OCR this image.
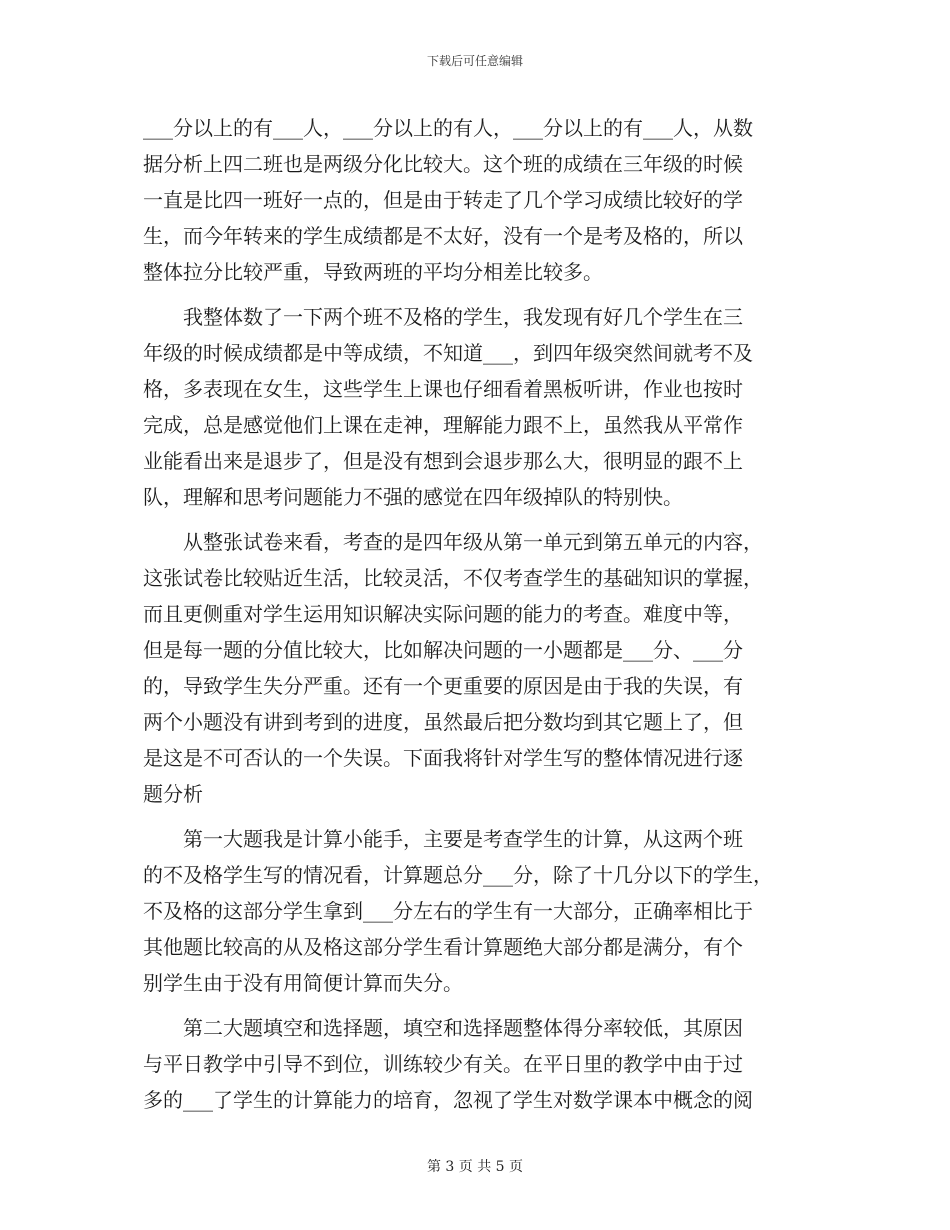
下载后可任意编辑
___分以上的有___人，___分以上的有人，___分以上的有___人，从数
据分析上四二班也是两级分化比较大。这个班的成绩在三年级的时候
一直是比四一班好一点的，但是由于转走了几个学习成绩比较好的学
生，而今年转来的学生成绩都是不太好，没有一个是考及格的，所以
整体拉分比较严重，导致两班的平均分相差比较多。
我整体数了一下两个班不及格的学生，我发现有好几个学生在三
年级的时候成绩都是中等成绩，不知道___，到四年级突然间就考不及
格，多表现在女生，这些学生上课也仔细看着黑板听讲，作业也按时
完成，总是感觉他们上课在走神，理解能力跟不上，虽然我从平常作
业能看出来是退步了，但是没有想到会退步那么大，很明显的跟不上
队，理解和思考问题能力不强的感觉在四年级掉队的特别快。
从整张试卷来看，考查的是四年级从第一单元到第五单元的内容，
这张试卷比较贴近生活，比较灵活，不仅考查学生的基础知识的掌握，
而且更侧重对学生运用知识解决实际问题的能力的考查。难度中等，
但是每一题的分值比较大，比如解决问题的一小题都是___分、___分
的，导致学生失分严重。还有一个更重要的原因是由于我的失误，有
两个小题没有讲到考到的进度，虽然最后把分数均到其它题上了，但
是这是不可否认的一个失误。下面我将针对学生写的整体情况进行逐
题分析
第一大题我是计算小能手，主要是考查学生的计算，从这两个班
的不及格学生写的情况看，计算题总分___分，除了十几分以下的学生，
不及格的这部分学生拿到___分左右的学生有一大部分，正确率相比于
其他题比较高的从及格这部分学生看计算题绝大部分都是满分，有个
别学生由于没有用简便计算而失分。
第二大题填空和选择题，填空和选择题整体得分率较低，其原因
与平日教学中引导不到位，训练较少有关。在平日里的教学中由于过
多的___了学生的计算能力的培育，忽视了学生对数学课本中概念的阅
第 3 页 共 5 页
